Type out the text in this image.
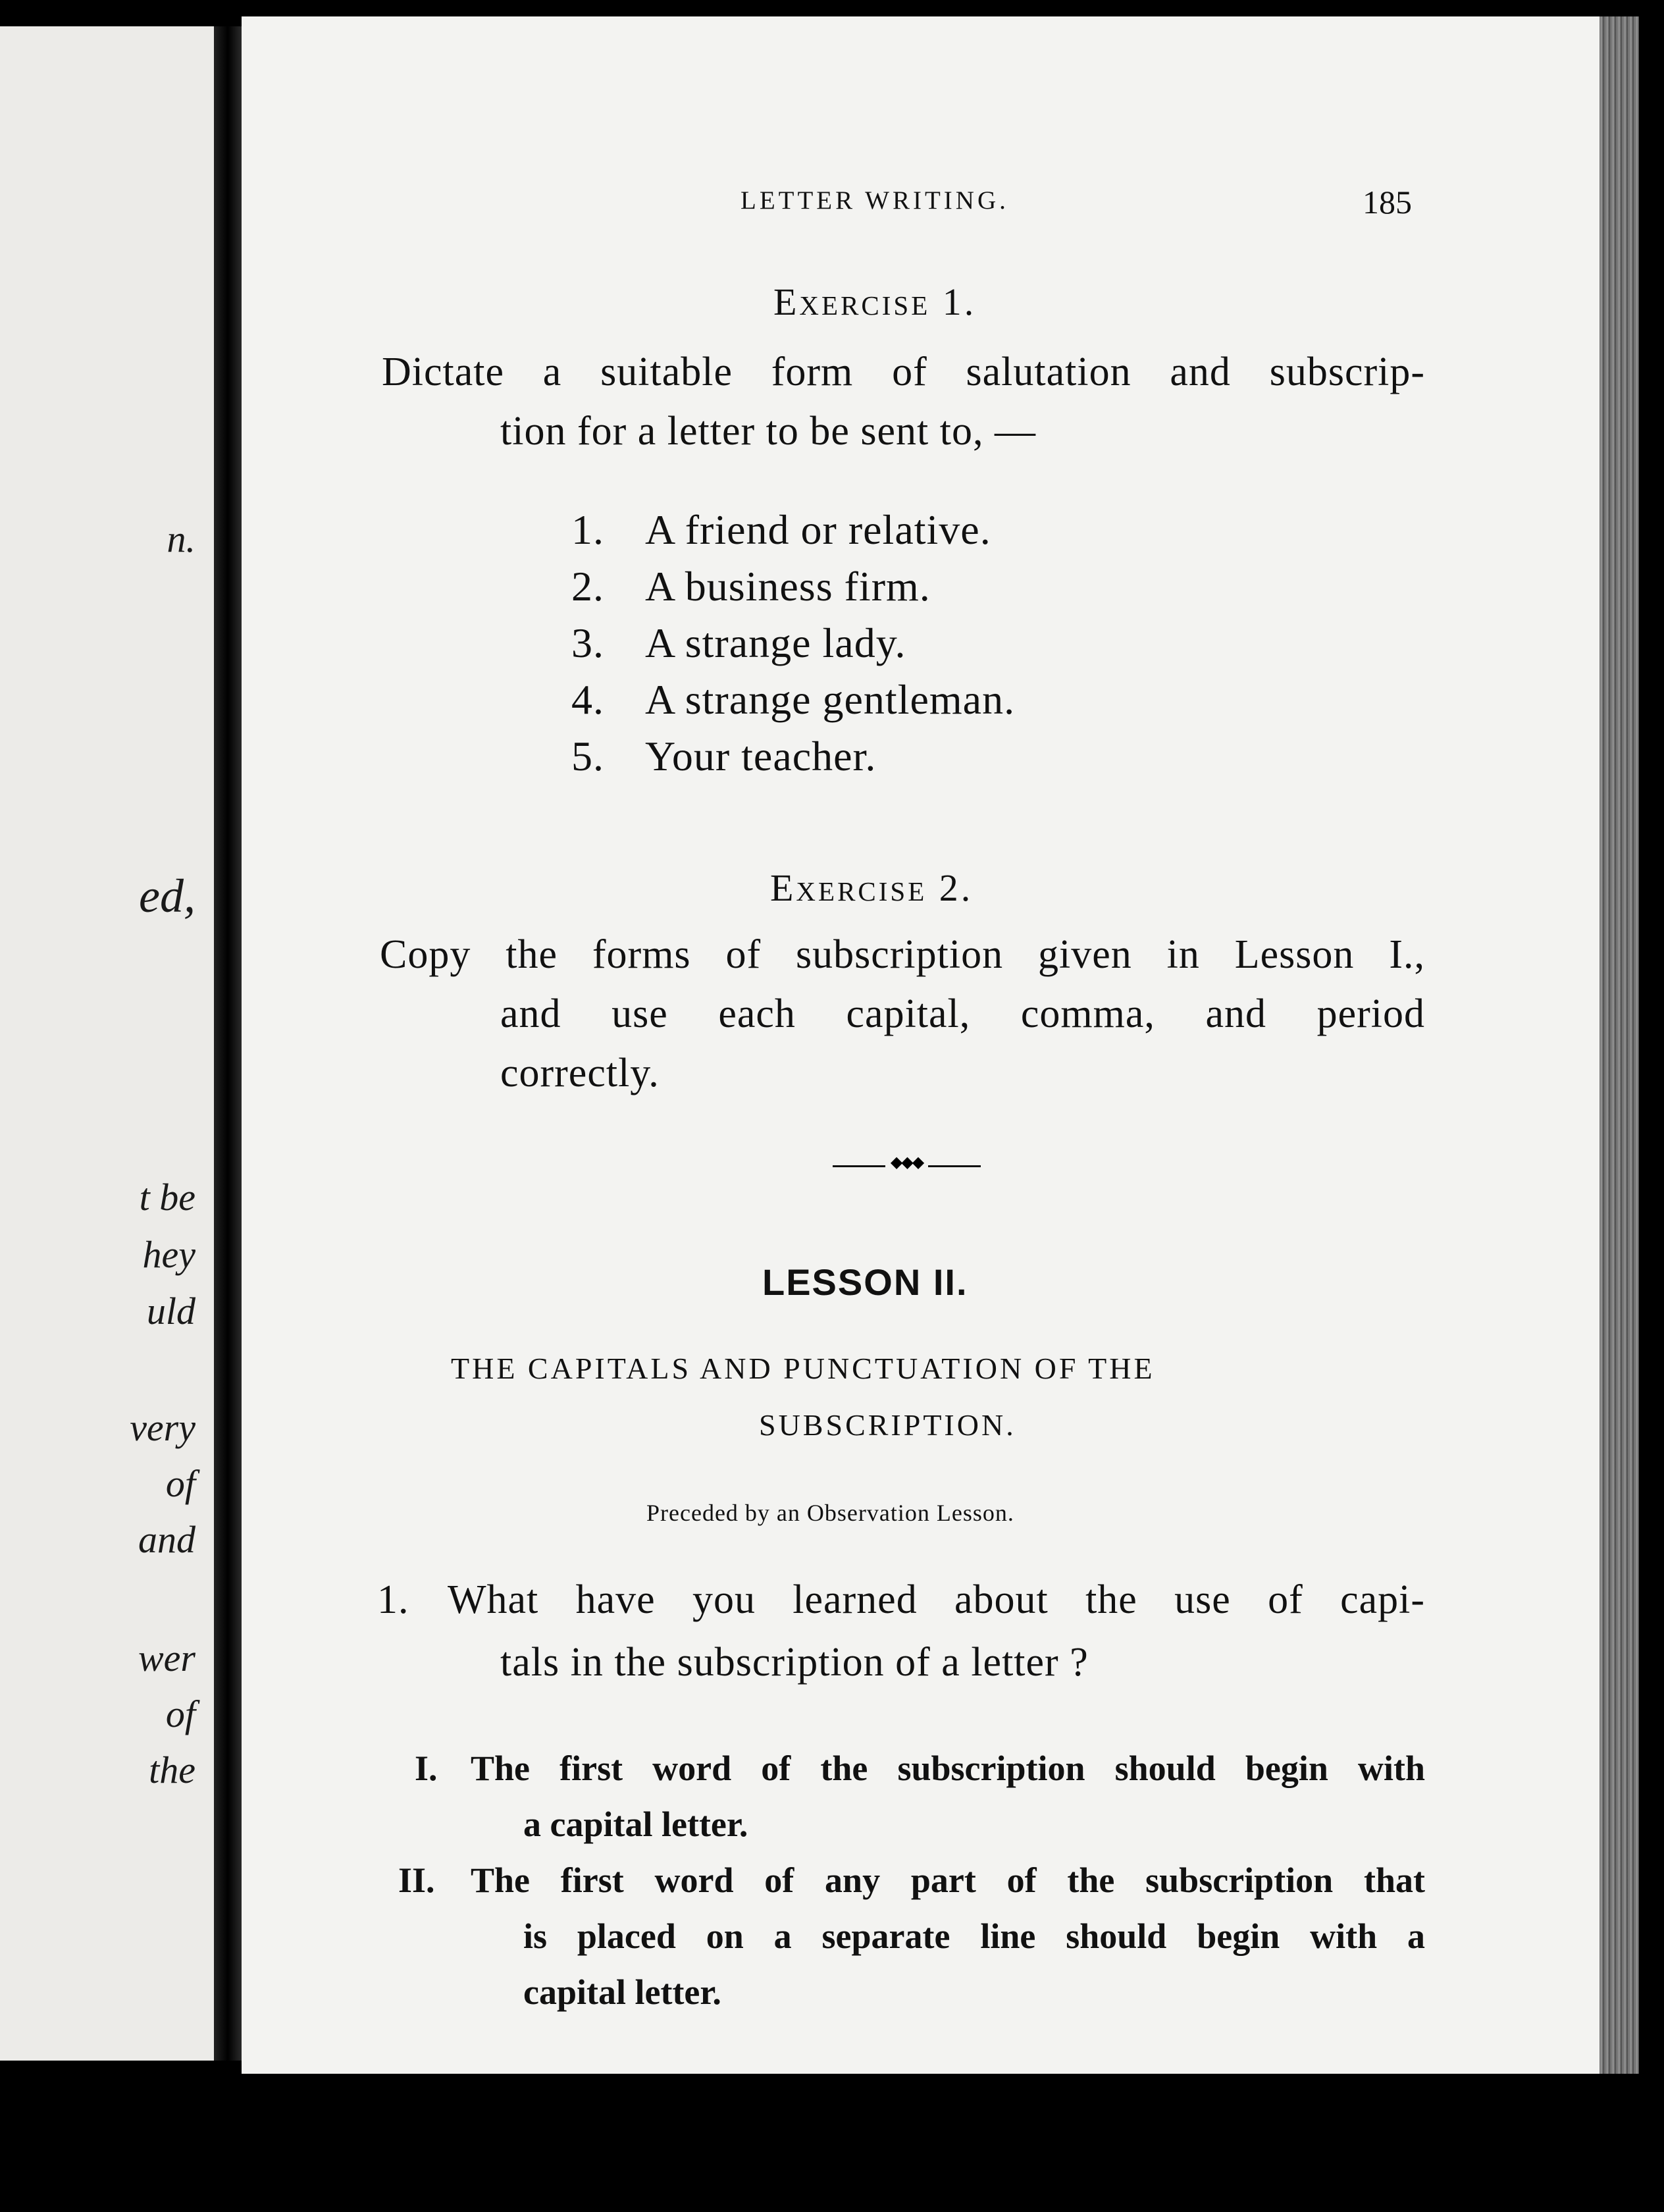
n.
ed,
t be
hey
uld
very
of
and
wer
of
the
LETTER WRITING.	185
Exercise 1.
Dictate a suitable form of salutation and subscrip-
tion for a letter to be sent to, —
1. A friend or relative.
2. A business firm.
3. A strange lady.
4. A strange gentleman.
5. Your teacher.
Exercise 2.
Copy the forms of subscription given in Lesson I.,
and use each capital, comma, and period
correctly.
◆◆◆
LESSON II.
THE CAPITALS AND PUNCTUATION OF THE
SUBSCRIPTION.
Preceded by an Observation Lesson.
1. What have you learned about the use of capi-
tals in the subscription of a letter ?
I. The first word of the subscription should begin with
a capital letter.
II. The first word of any part of the subscription that
is placed on a separate line should begin with a
capital letter.
